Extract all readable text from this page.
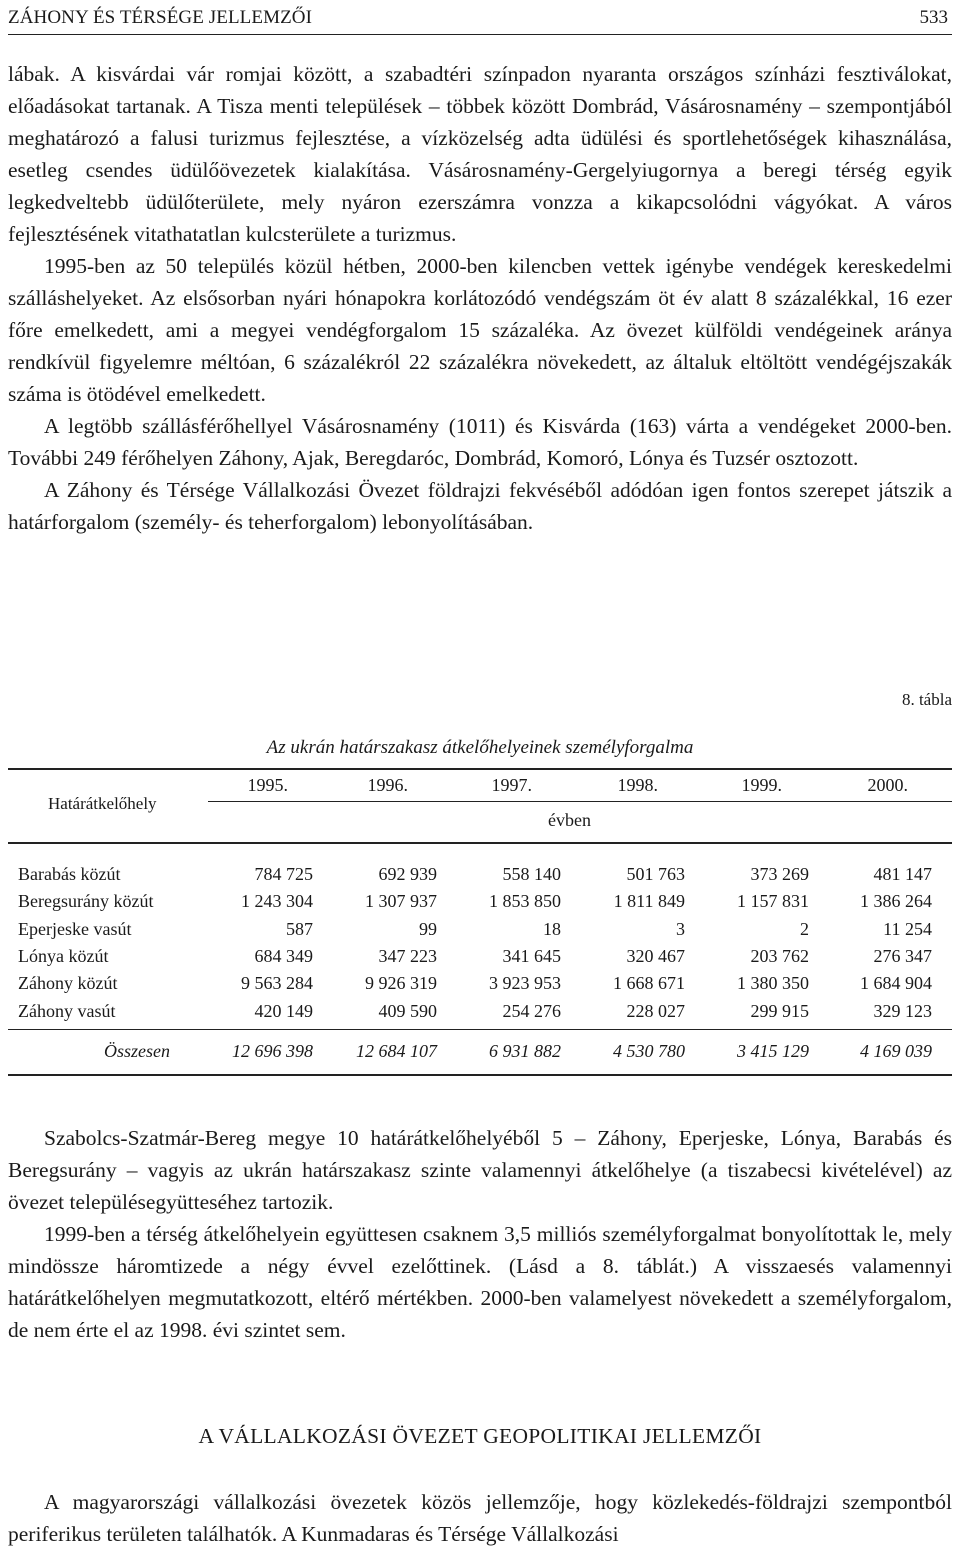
ZÁHONY ÉS TÉRSÉGE JELLEMZŐI	533

lábak. A kisvárdai vár romjai között, a szabadtéri színpadon nyaranta országos színházi fesztiválokat, előadásokat tartanak. A Tisza menti települések – többek között Dombrád, Vásárosnamény – szempontjából meghatározó a falusi turizmus fejlesztése, a vízközelség adta üdülési és sportlehetőségek kihasználása, esetleg csendes üdülőövezetek kialakítása. Vásárosnamény-Gergelyiugornya a beregi térség egyik legkedveltebb üdülőterülete, mely nyáron ezerszámra vonzza a kikapcsolódni vágyókat. A város fejlesztésének vitathatatlan kulcsterülete a turizmus.

1995-ben az 50 település közül hétben, 2000-ben kilencben vettek igénybe vendégek kereskedelmi szálláshelyeket. Az elsősorban nyári hónapokra korlátozódó vendégszám öt év alatt 8 százalékkal, 16 ezer főre emelkedett, ami a megyei vendégforgalom 15 százaléka. Az övezet külföldi vendégeinek aránya rendkívül figyelemre méltóan, 6 százalékról 22 százalékra növekedett, az általuk eltöltött vendégéjszakák száma is ötödével emelkedett.

A legtöbb szállásférőhellyel Vásárosnamény (1011) és Kisvárda (163) várta a vendégeket 2000-ben. További 249 férőhelyen Záhony, Ajak, Beregdaróc, Dombrád, Komoró, Lónya és Tuzsér osztozott.

A Záhony és Térsége Vállalkozási Övezet földrajzi fekvéséből adódóan igen fontos szerepet játszik a határforgalom (személy- és teherforgalom) lebonyolításában.

8. tábla
Az ukrán határszakasz átkelőhelyeinek személyforgalma
Határátkelőhely
1995.	1996.	1997.	1998.	1999.	2000.
évben
Barabás közút	784 725	692 939	558 140	501 763	373 269	481 147
Beregsurány közút	1 243 304	1 307 937	1 853 850	1 811 849	1 157 831	1 386 264
Eperjeske vasút	587	99	18	3	2	11 254
Lónya közút	684 349	347 223	341 645	320 467	203 762	276 347
Záhony közút	9 563 284	9 926 319	3 923 953	1 668 671	1 380 350	1 684 904
Záhony vasút	420 149	409 590	254 276	228 027	299 915	329 123
Összesen	12 696 398	12 684 107	6 931 882	4 530 780	3 415 129	4 169 039

Szabolcs-Szatmár-Bereg megye 10 határátkelőhelyéből 5 – Záhony, Eperjeske, Lónya, Barabás és Beregsurány – vagyis az ukrán határszakasz szinte valamennyi átkelőhelye (a tiszabecsi kivételével) az övezet településegyütteséhez tartozik.

1999-ben a térség átkelőhelyein együttesen csaknem 3,5 milliós személyforgalmat bonyolítottak le, mely mindössze háromtizede a négy évvel ezelőttinek. (Lásd a 8. táblát.) A visszaesés valamennyi határátkelőhelyen megmutatkozott, eltérő mértékben. 2000-ben valamelyest növekedett a személyforgalom, de nem érte el az 1998. évi szintet sem.

A VÁLLALKOZÁSI ÖVEZET GEOPOLITIKAI JELLEMZŐI

A magyarországi vállalkozási övezetek közös jellemzője, hogy közlekedés-földrajzi szempontból periferikus területen találhatók. A Kunmadaras és Térsége Vállalkozási
